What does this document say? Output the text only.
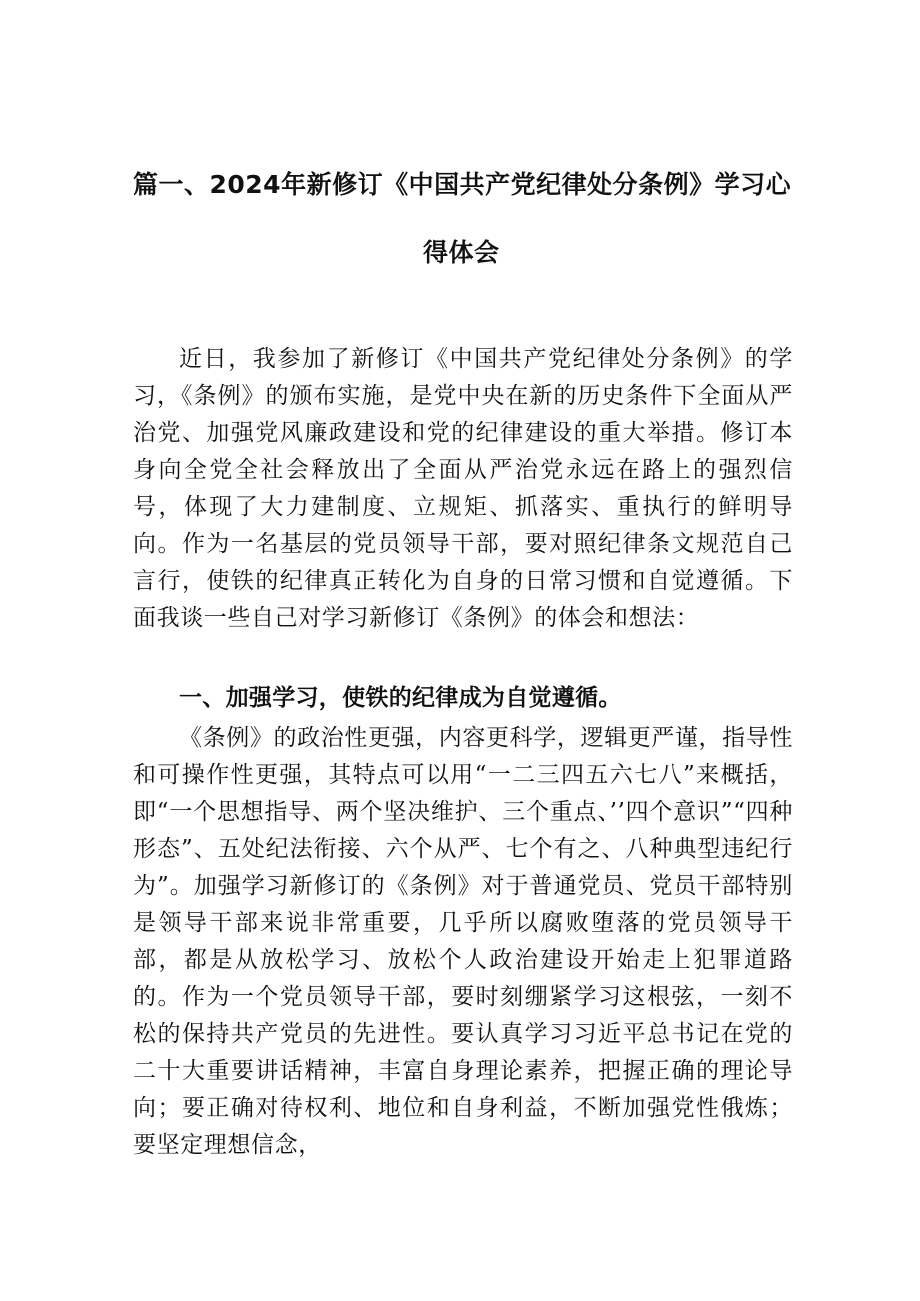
篇一、2024年新修订《中国共产党纪律处分条例》学习心
得体会

近日，我参加了新修订《中国共产党纪律处分条例》的学习，《条例》的颁布实施，是党中央在新的历史条件下全面从严治党、加强党风廉政建设和党的纪律建设的重大举措。修订本身向全党全社会释放出了全面从严治党永远在路上的强烈信号，体现了大力建制度、立规矩、抓落实、重执行的鲜明导向。作为一名基层的党员领导干部，要对照纪律条文规范自己言行，使铁的纪律真正转化为自身的日常习惯和自觉遵循。下面我谈一些自己对学习新修订《条例》的体会和想法：

一、加强学习，使铁的纪律成为自觉遵循。

《条例》的政治性更强，内容更科学，逻辑更严谨，指导性和可操作性更强，其特点可以用“一二三四五六七八”来概括，即“一个思想指导、两个坚决维护、三个重点、’’四个意识”“四种形态”、五处纪法衔接、六个从严、七个有之、八种典型违纪行为”。加强学习新修订的《条例》对于普通党员、党员干部特别是领导干部来说非常重要，几乎所以腐败堕落的党员领导干部，都是从放松学习、放松个人政治建设开始走上犯罪道路的。作为一个党员领导干部，要时刻绷紧学习这根弦，一刻不松的保持共产党员的先进性。要认真学习习近平总书记在党的二十大重要讲话精神，丰富自身理论素养，把握正确的理论导向；要正确对待权利、地位和自身利益，不断加强党性俄炼；要坚定理想信念，
